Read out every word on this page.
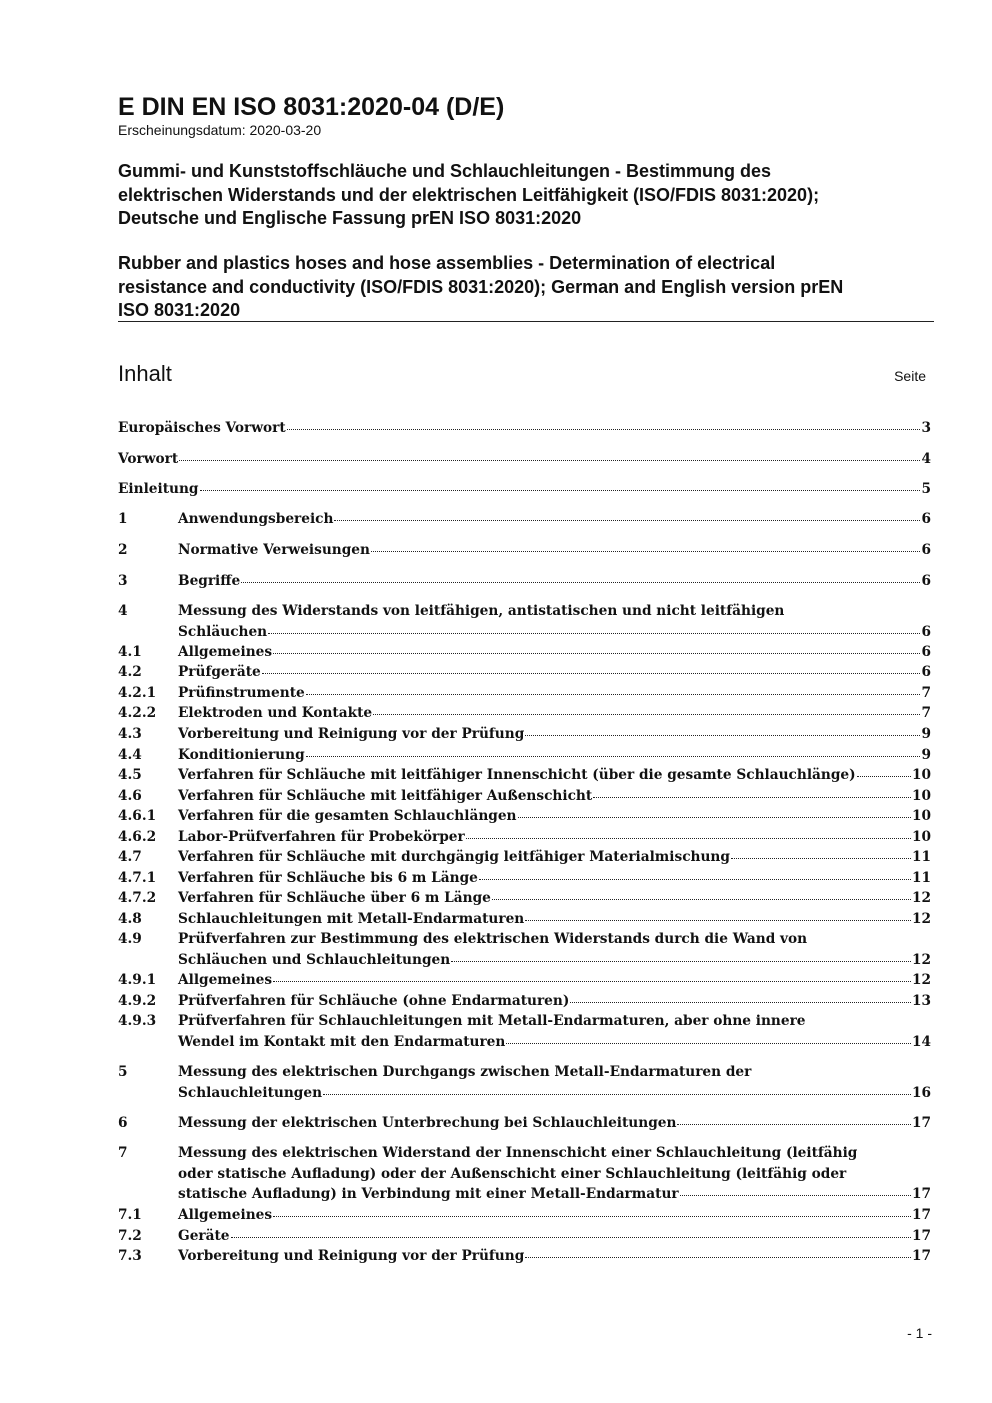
E DIN EN ISO 8031:2020-04 (D/E)
Erscheinungsdatum: 2020-03-20
Gummi- und Kunststoffschläuche und Schlauchleitungen - Bestimmung des
elektrischen Widerstands und der elektrischen Leitfähigkeit (ISO/FDIS 8031:2020);
Deutsche und Englische Fassung prEN ISO 8031:2020
Rubber and plastics hoses and hose assemblies - Determination of electrical
resistance and conductivity (ISO/FDIS 8031:2020); German and English version prEN
ISO 8031:2020
Inhalt	Seite
Europäisches Vorwort	3
Vorwort	4
Einleitung	5
1	Anwendungsbereich	6
2	Normative Verweisungen	6
3	Begriffe	6
4	Messung des Widerstands von leitfähigen, antistatischen und nicht leitfähigen
Schläuchen	6
4.1	Allgemeines	6
4.2	Prüfgeräte	6
4.2.1 Prüfinstrumente	7
4.2.2 Elektroden und Kontakte	7
4.3	Vorbereitung und Reinigung vor der Prüfung	9
4.4	Konditionierung	9
4.5	Verfahren für Schläuche mit leitfähiger Innenschicht (über die gesamte Schlauchlänge)	10
4.6	Verfahren für Schläuche mit leitfähiger Außenschicht	10
4.6.1 Verfahren für die gesamten Schlauchlängen	10
4.6.2 Labor-Prüfverfahren für Probekörper	10
4.7	Verfahren für Schläuche mit durchgängig leitfähiger Materialmischung	11
4.7.1 Verfahren für Schläuche bis 6 m Länge	11
4.7.2 Verfahren für Schläuche über 6 m Länge	12
4.8	Schlauchleitungen mit Metall-Endarmaturen	12
4.9	Prüfverfahren zur Bestimmung des elektrischen Widerstands durch die Wand von
Schläuchen und Schlauchleitungen	12
4.9.1 Allgemeines	12
4.9.2 Prüfverfahren für Schläuche (ohne Endarmaturen)	13
4.9.3 Prüfverfahren für Schlauchleitungen mit Metall-Endarmaturen, aber ohne innere
Wendel im Kontakt mit den Endarmaturen	14
5	Messung des elektrischen Durchgangs zwischen Metall-Endarmaturen der
Schlauchleitungen	16
6	Messung der elektrischen Unterbrechung bei Schlauchleitungen	17
7	Messung des elektrischen Widerstand der Innenschicht einer Schlauchleitung (leitfähig
oder statische Aufladung) oder der Außenschicht einer Schlauchleitung (leitfähig oder
statische Aufladung) in Verbindung mit einer Metall-Endarmatur	17
7.1	Allgemeines	17
7.2	Geräte	17
7.3	Vorbereitung und Reinigung vor der Prüfung	17
- 1 -
